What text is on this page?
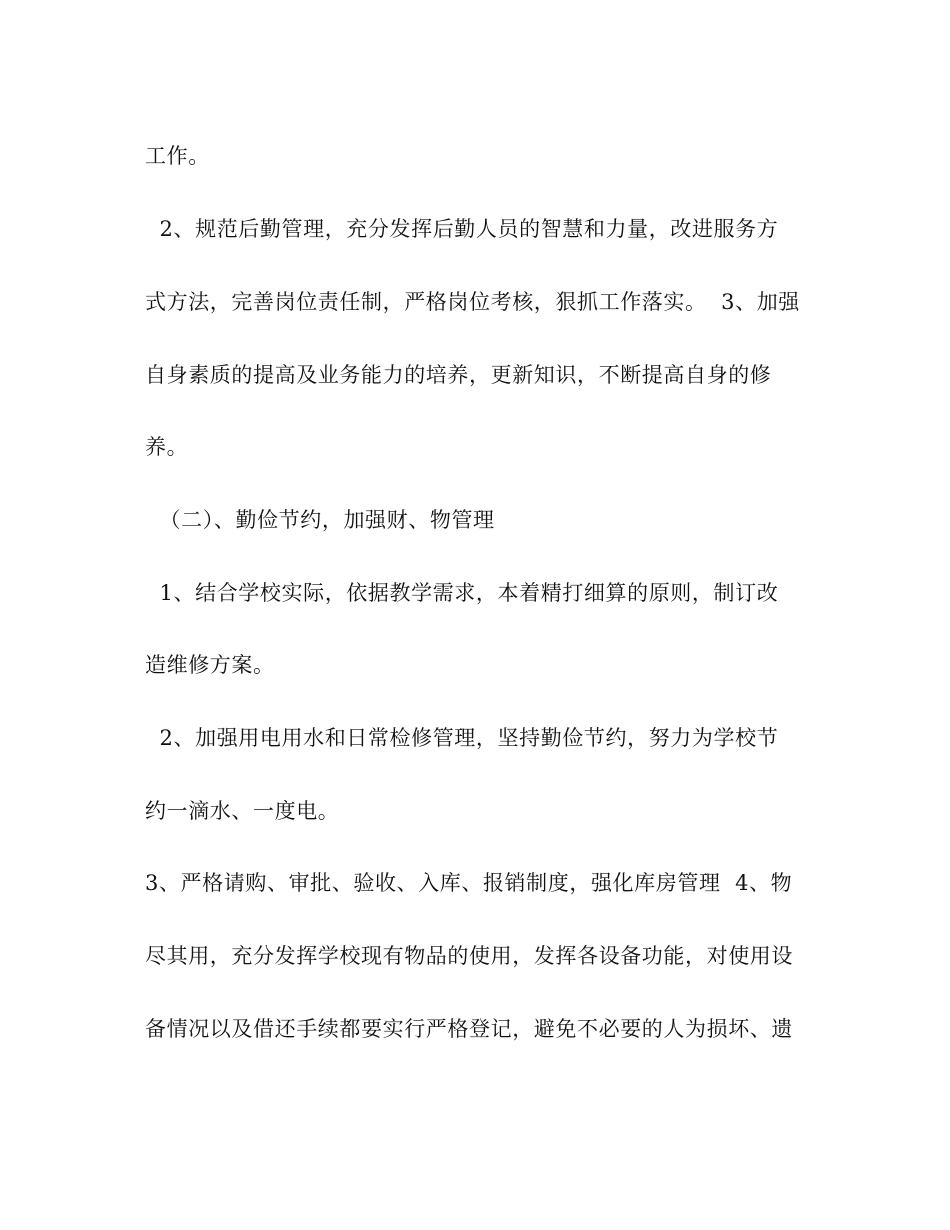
工作。
2、规范后勤管理，充分发挥后勤人员的智慧和力量，改进服务方
式方法，完善岗位责任制，严格岗位考核，狠抓工作落实。  3、加强
自身素质的提高及业务能力的培养，更新知识，不断提高自身的修
养。
（二）、勤俭节约，加强财、物管理
1、结合学校实际，依据教学需求，本着精打细算的原则，制订改
造维修方案。
2、加强用电用水和日常检修管理，坚持勤俭节约，努力为学校节
约一滴水、一度电。
3、严格请购、审批、验收、入库、报销制度，强化库房管理  4、物
尽其用，充分发挥学校现有物品的使用，发挥各设备功能，对使用设
备情况以及借还手续都要实行严格登记，避免不必要的人为损坏、遗
